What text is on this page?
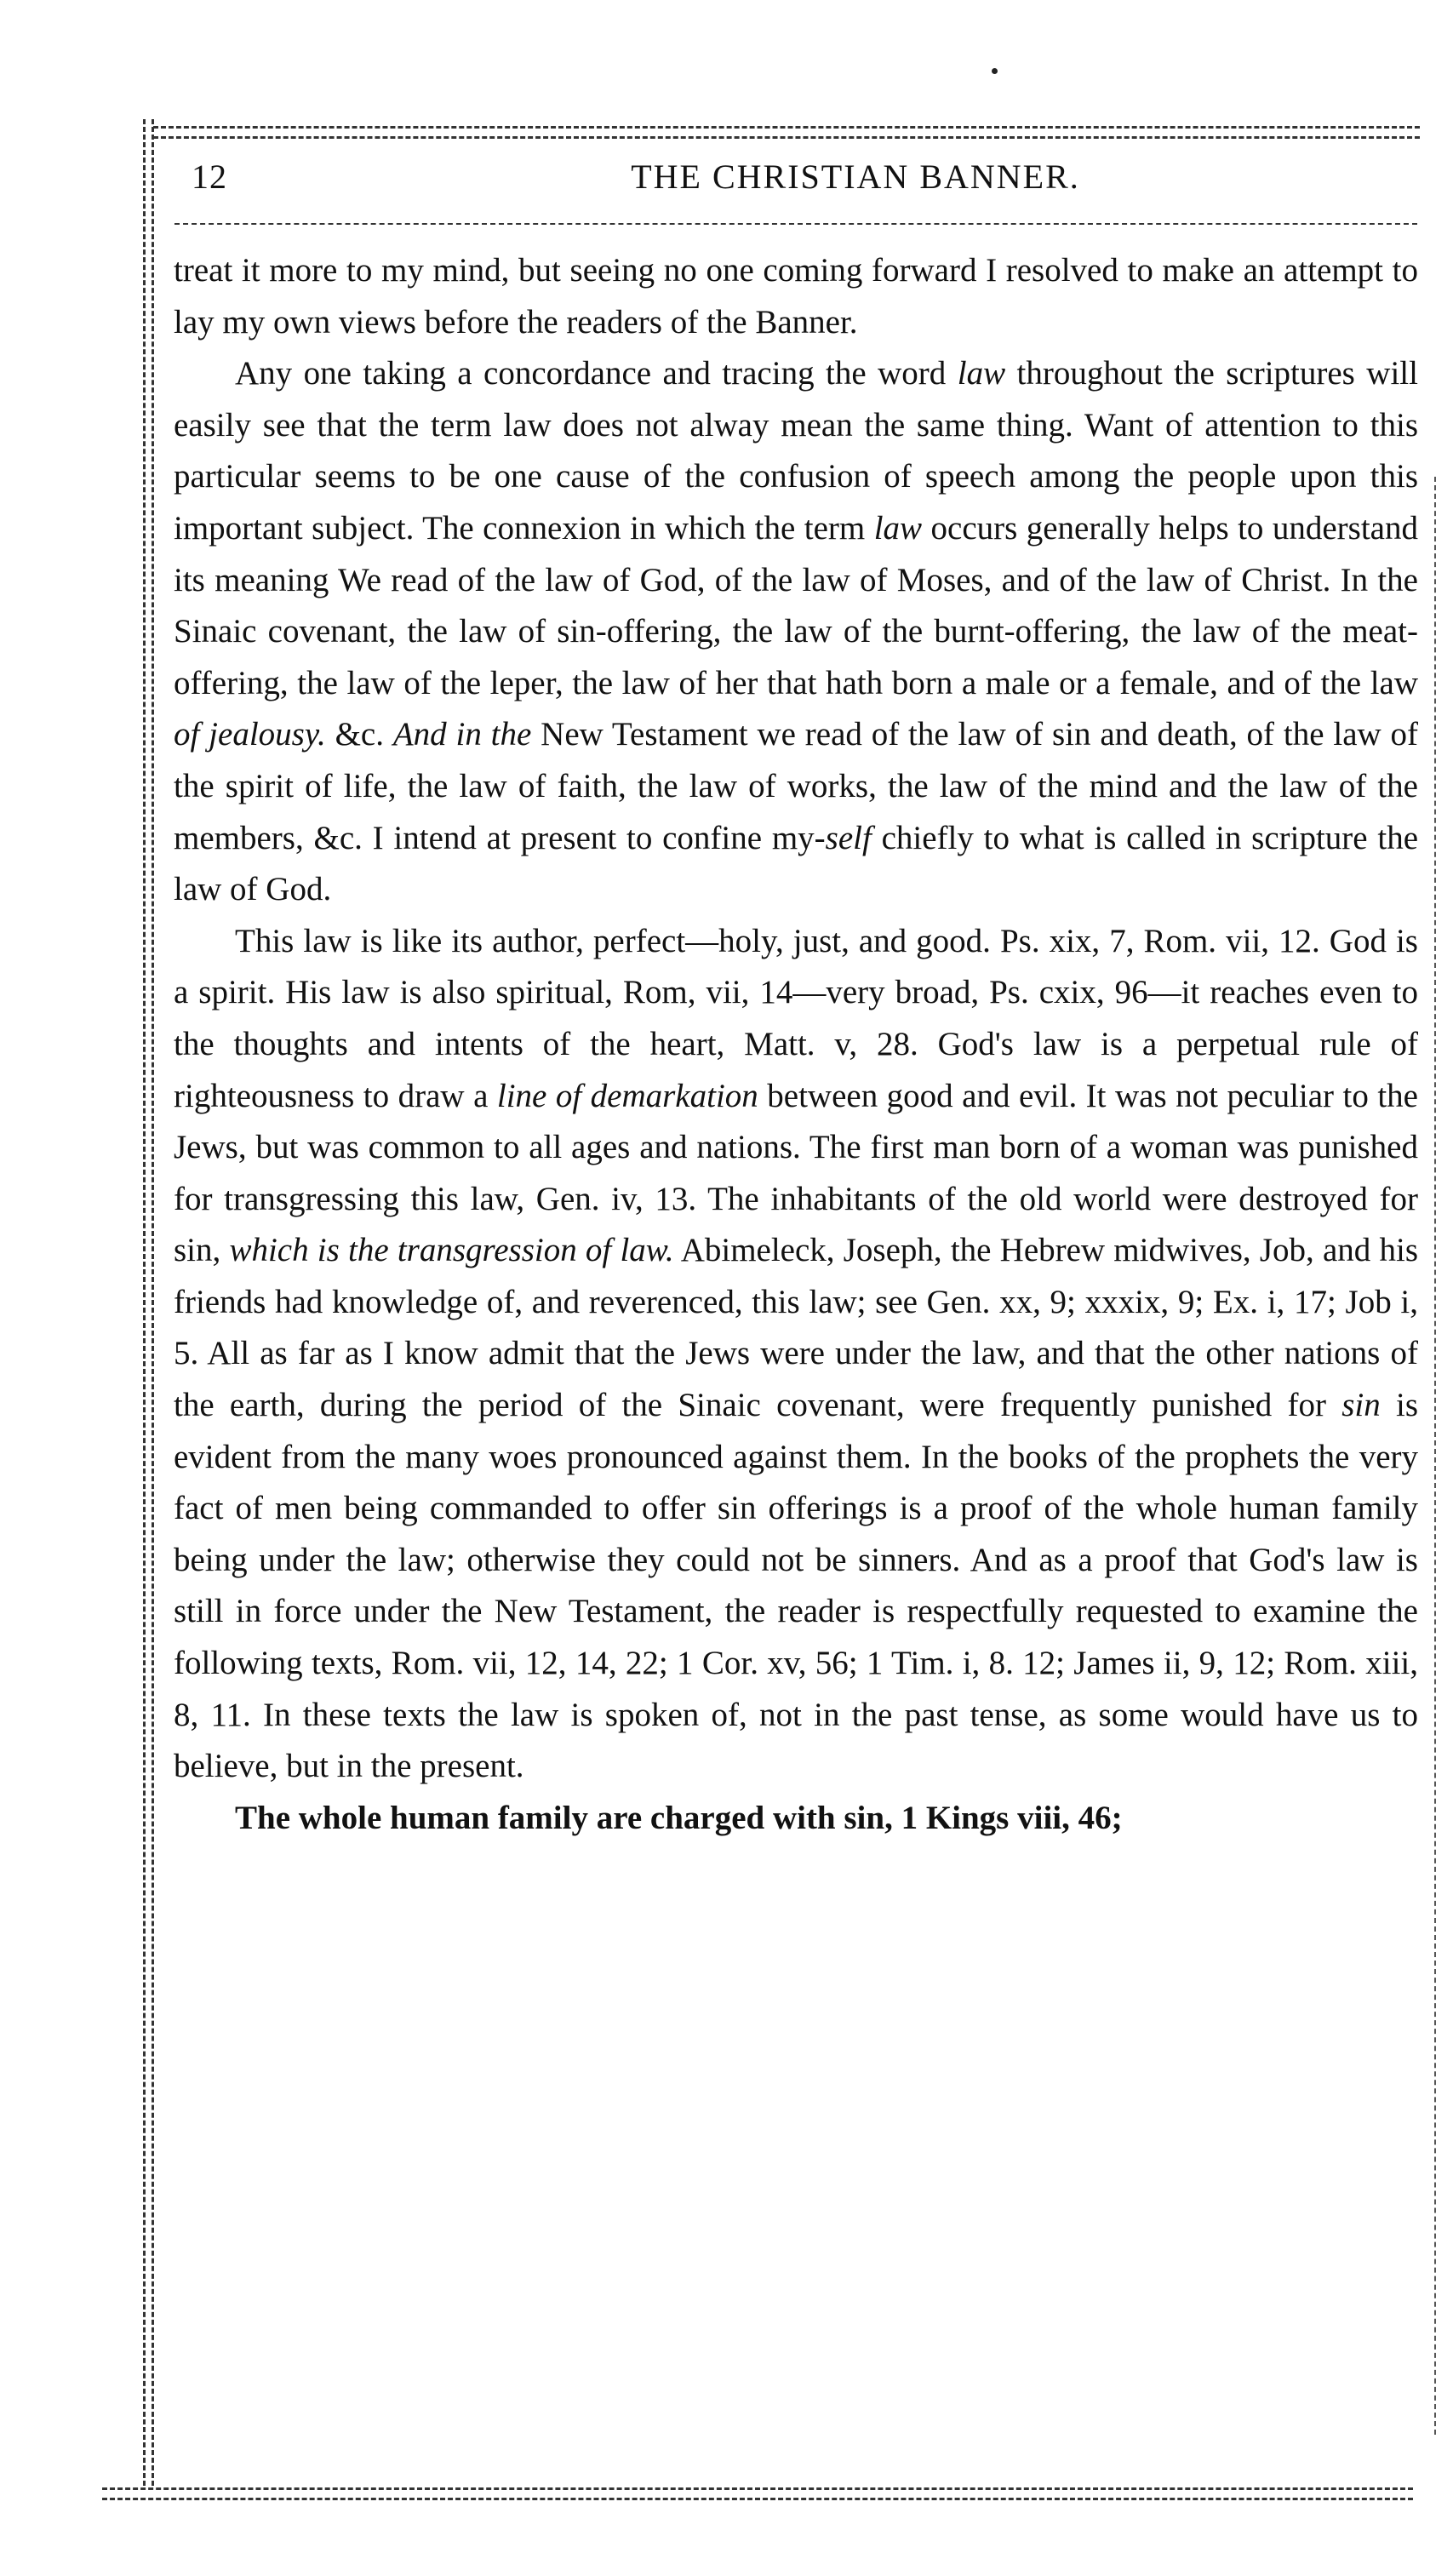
12	THE CHRISTIAN BANNER.

treat it more to my mind, but seeing no one coming forward I resolved to make an attempt to lay my own views before the readers of the Banner.

Any one taking a concordance and tracing the word law throughout the scriptures will easily see that the term law does not alway mean the same thing. Want of attention to this particular seems to be one cause of the confusion of speech among the people upon this important subject. The connexion in which the term law occurs generally helps to understand its meaning We read of the law of God, of the law of Moses, and of the law of Christ. In the Sinaic covenant, the law of sin-offering, the law of the burnt-offering, the law of the meat-offering, the law of the leper, the law of her that hath born a male or a female, and of the law of jealousy. &c. And in the New Testament we read of the law of sin and death, of the law of the spirit of life, the law of faith, the law of works, the law of the mind and the law of the members, &c. I intend at present to confine my-self chiefly to what is called in scripture the law of God.

This law is like its author, perfect—holy, just, and good. Ps. xix, 7, Rom. vii, 12. God is a spirit. His law is also spiritual, Rom, vii, 14—very broad, Ps. cxix, 96—it reaches even to the thoughts and intents of the heart, Matt. v, 28. God's law is a perpetual rule of righteousness to draw a line of demarkation between good and evil. It was not peculiar to the Jews, but was common to all ages and nations. The first man born of a woman was punished for transgressing this law, Gen. iv, 13. The inhabitants of the old world were destroyed for sin, which is the transgression of law. Abimeleck, Joseph, the Hebrew midwives, Job, and his friends had knowledge of, and reverenced, this law; see Gen. xx, 9; xxxix, 9; Ex. i, 17; Job i, 5. All as far as I know admit that the Jews were under the law, and that the other nations of the earth, during the period of the Sinaic covenant, were frequently punished for sin is evident from the many woes pronounced against them. In the books of the prophets the very fact of men being commanded to offer sin offerings is a proof of the whole human family being under the law; otherwise they could not be sinners. And as a proof that God's law is still in force under the New Testament, the reader is respectfully requested to examine the following texts, Rom. vii, 12, 14, 22; 1 Cor. xv, 56; 1 Tim. i, 8. 12; James ii, 9, 12; Rom. xiii, 8, 11. In these texts the law is spoken of, not in the past tense, as some would have us to believe, but in the present.

The whole human family are charged with sin, 1 Kings viii, 46;
